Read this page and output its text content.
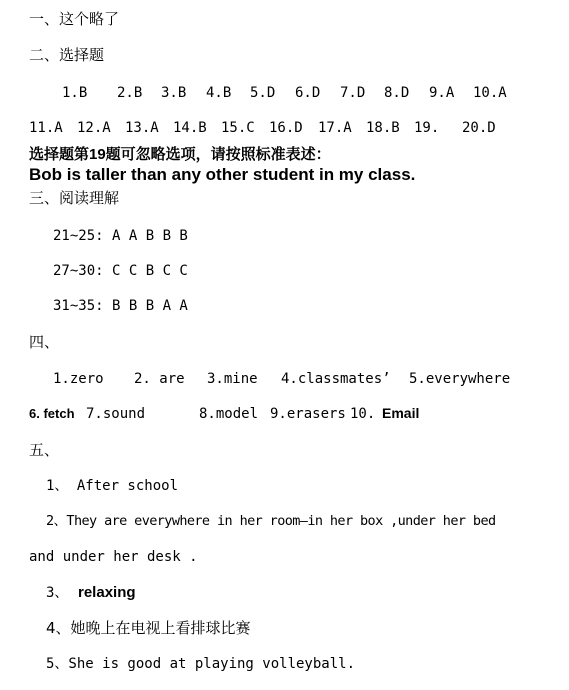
一、这个略了
二、选择题
1.B 2.B 3.B 4.B 5.D 6.D 7.D 8.D 9.A 10.A
11.A 12.A 13.A 14.B 15.C 16.D 17.A 18.B 19. 20.D
选择题第19题可忽略选项，请按照标准表述：
Bob is taller than any other student in my class.
三、阅读理解
21~25: A A B B B
27~30: C C B C C
31~35: B B B A A
四、
1.zero 2. are 3.mine 4.classmates’ 5.everywhere
6. fetch 7.sound	8.model 9.erasers 10. Email
五、
1、 After school
2、They are everywhere in her room—in her box ,under her bed
and under her desk .
3、 relaxing
4、她晚上在电视上看排球比赛
5、She is good at playing volleyball.
